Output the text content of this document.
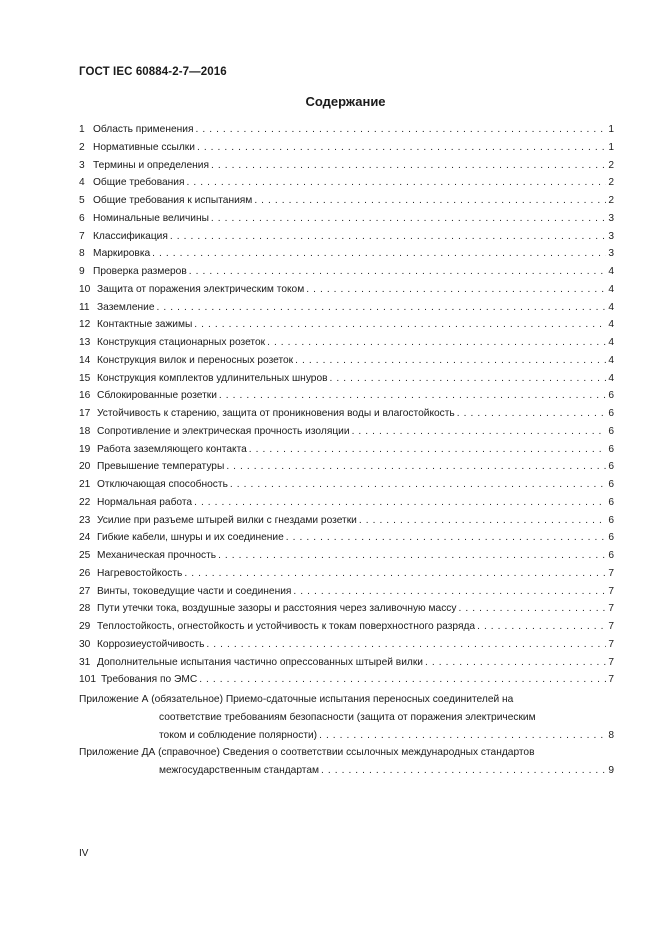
ГОСТ IEC 60884-2-7—2016
Содержание
1 Область применения . . .	1
2 Нормативные ссылки . . .	1
3 Термины и определения . . .	2
4 Общие требования . . .	2
5 Общие требования к испытаниям . . .	2
6 Номинальные величины . . .	3
7 Классификация . . .	3
8 Маркировка . . .	3
9 Проверка размеров . . .	4
10 Защита от поражения электрическим током . . .	4
11 Заземление . . .	4
12 Контактные зажимы . . .	4
13 Конструкция стационарных розеток . . .	4
14 Конструкция вилок и переносных розеток . . .	4
15 Конструкция комплектов удлинительных шнуров . . .	4
16 Сблокированные розетки . . .	6
17 Устойчивость к старению, защита от проникновения воды и влагостойкость . . .	6
18 Сопротивление и электрическая прочность изоляции . . .	6
19 Работа заземляющего контакта . . .	6
20 Превышение температуры . . .	6
21 Отключающая способность . . .	6
22 Нормальная работа . . .	6
23 Усилие при разъеме штырей вилки с гнездами розетки . . .	6
24 Гибкие кабели, шнуры и их соединение . . .	6
25 Механическая прочность . . .	6
26 Нагревостойкость . . .	7
27 Винты, токоведущие части и соединения . . .	7
28 Пути утечки тока, воздушные зазоры и расстояния через заливочную массу . . .	7
29 Теплостойкость, огнестойкость и устойчивость к токам поверхностного разряда . . .	7
30 Коррозиеустойчивость . . .	7
31 Дополнительные испытания частично опрессованных штырей вилки . . .	7
101 Требования по ЭМС . . .	7
Приложение А (обязательное) Приемо-сдаточные испытания переносных соединителей на
соответствие требованиям безопасности (защита от поражения электрическим
током и соблюдение полярности) . . .	8
Приложение ДА (справочное) Сведения о соответствии ссылочных международных стандартов
межгосударственным стандартам . . .	9
IV
